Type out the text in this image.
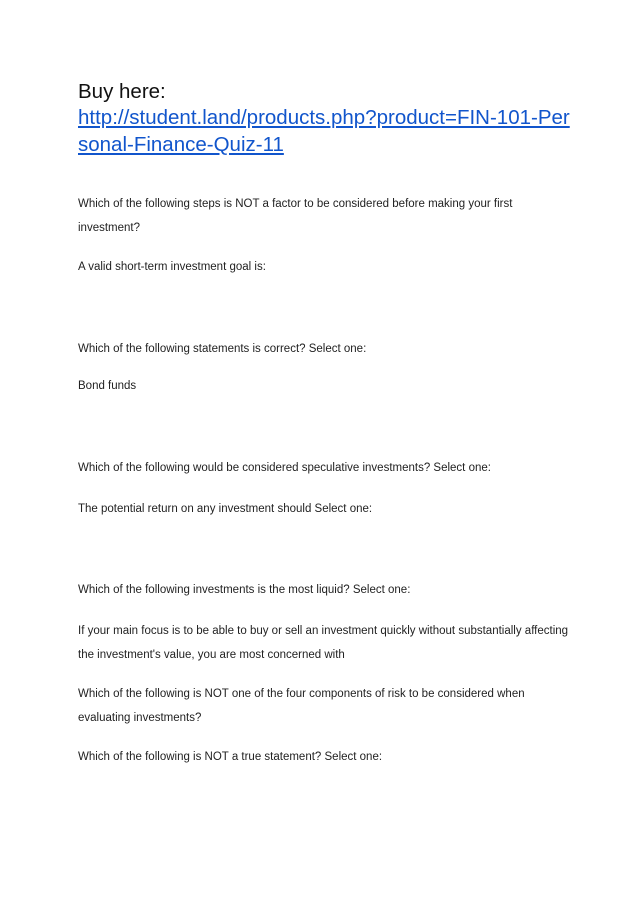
Buy here:
http://student.land/products.php?product=FIN-101-Personal-Finance-Quiz-11
Which of the following steps is NOT a factor to be considered before making your first
investment?
A valid short-term investment goal is:
Which of the following statements is correct? Select one:
Bond funds
Which of the following would be considered speculative investments? Select one:
The potential return on any investment should Select one:
Which of the following investments is the most liquid? Select one:
If your main focus is to be able to buy or sell an investment quickly without substantially affecting
the investment's value, you are most concerned with
Which of the following is NOT one of the four components of risk to be considered when
evaluating investments?
Which of the following is NOT a true statement? Select one:
